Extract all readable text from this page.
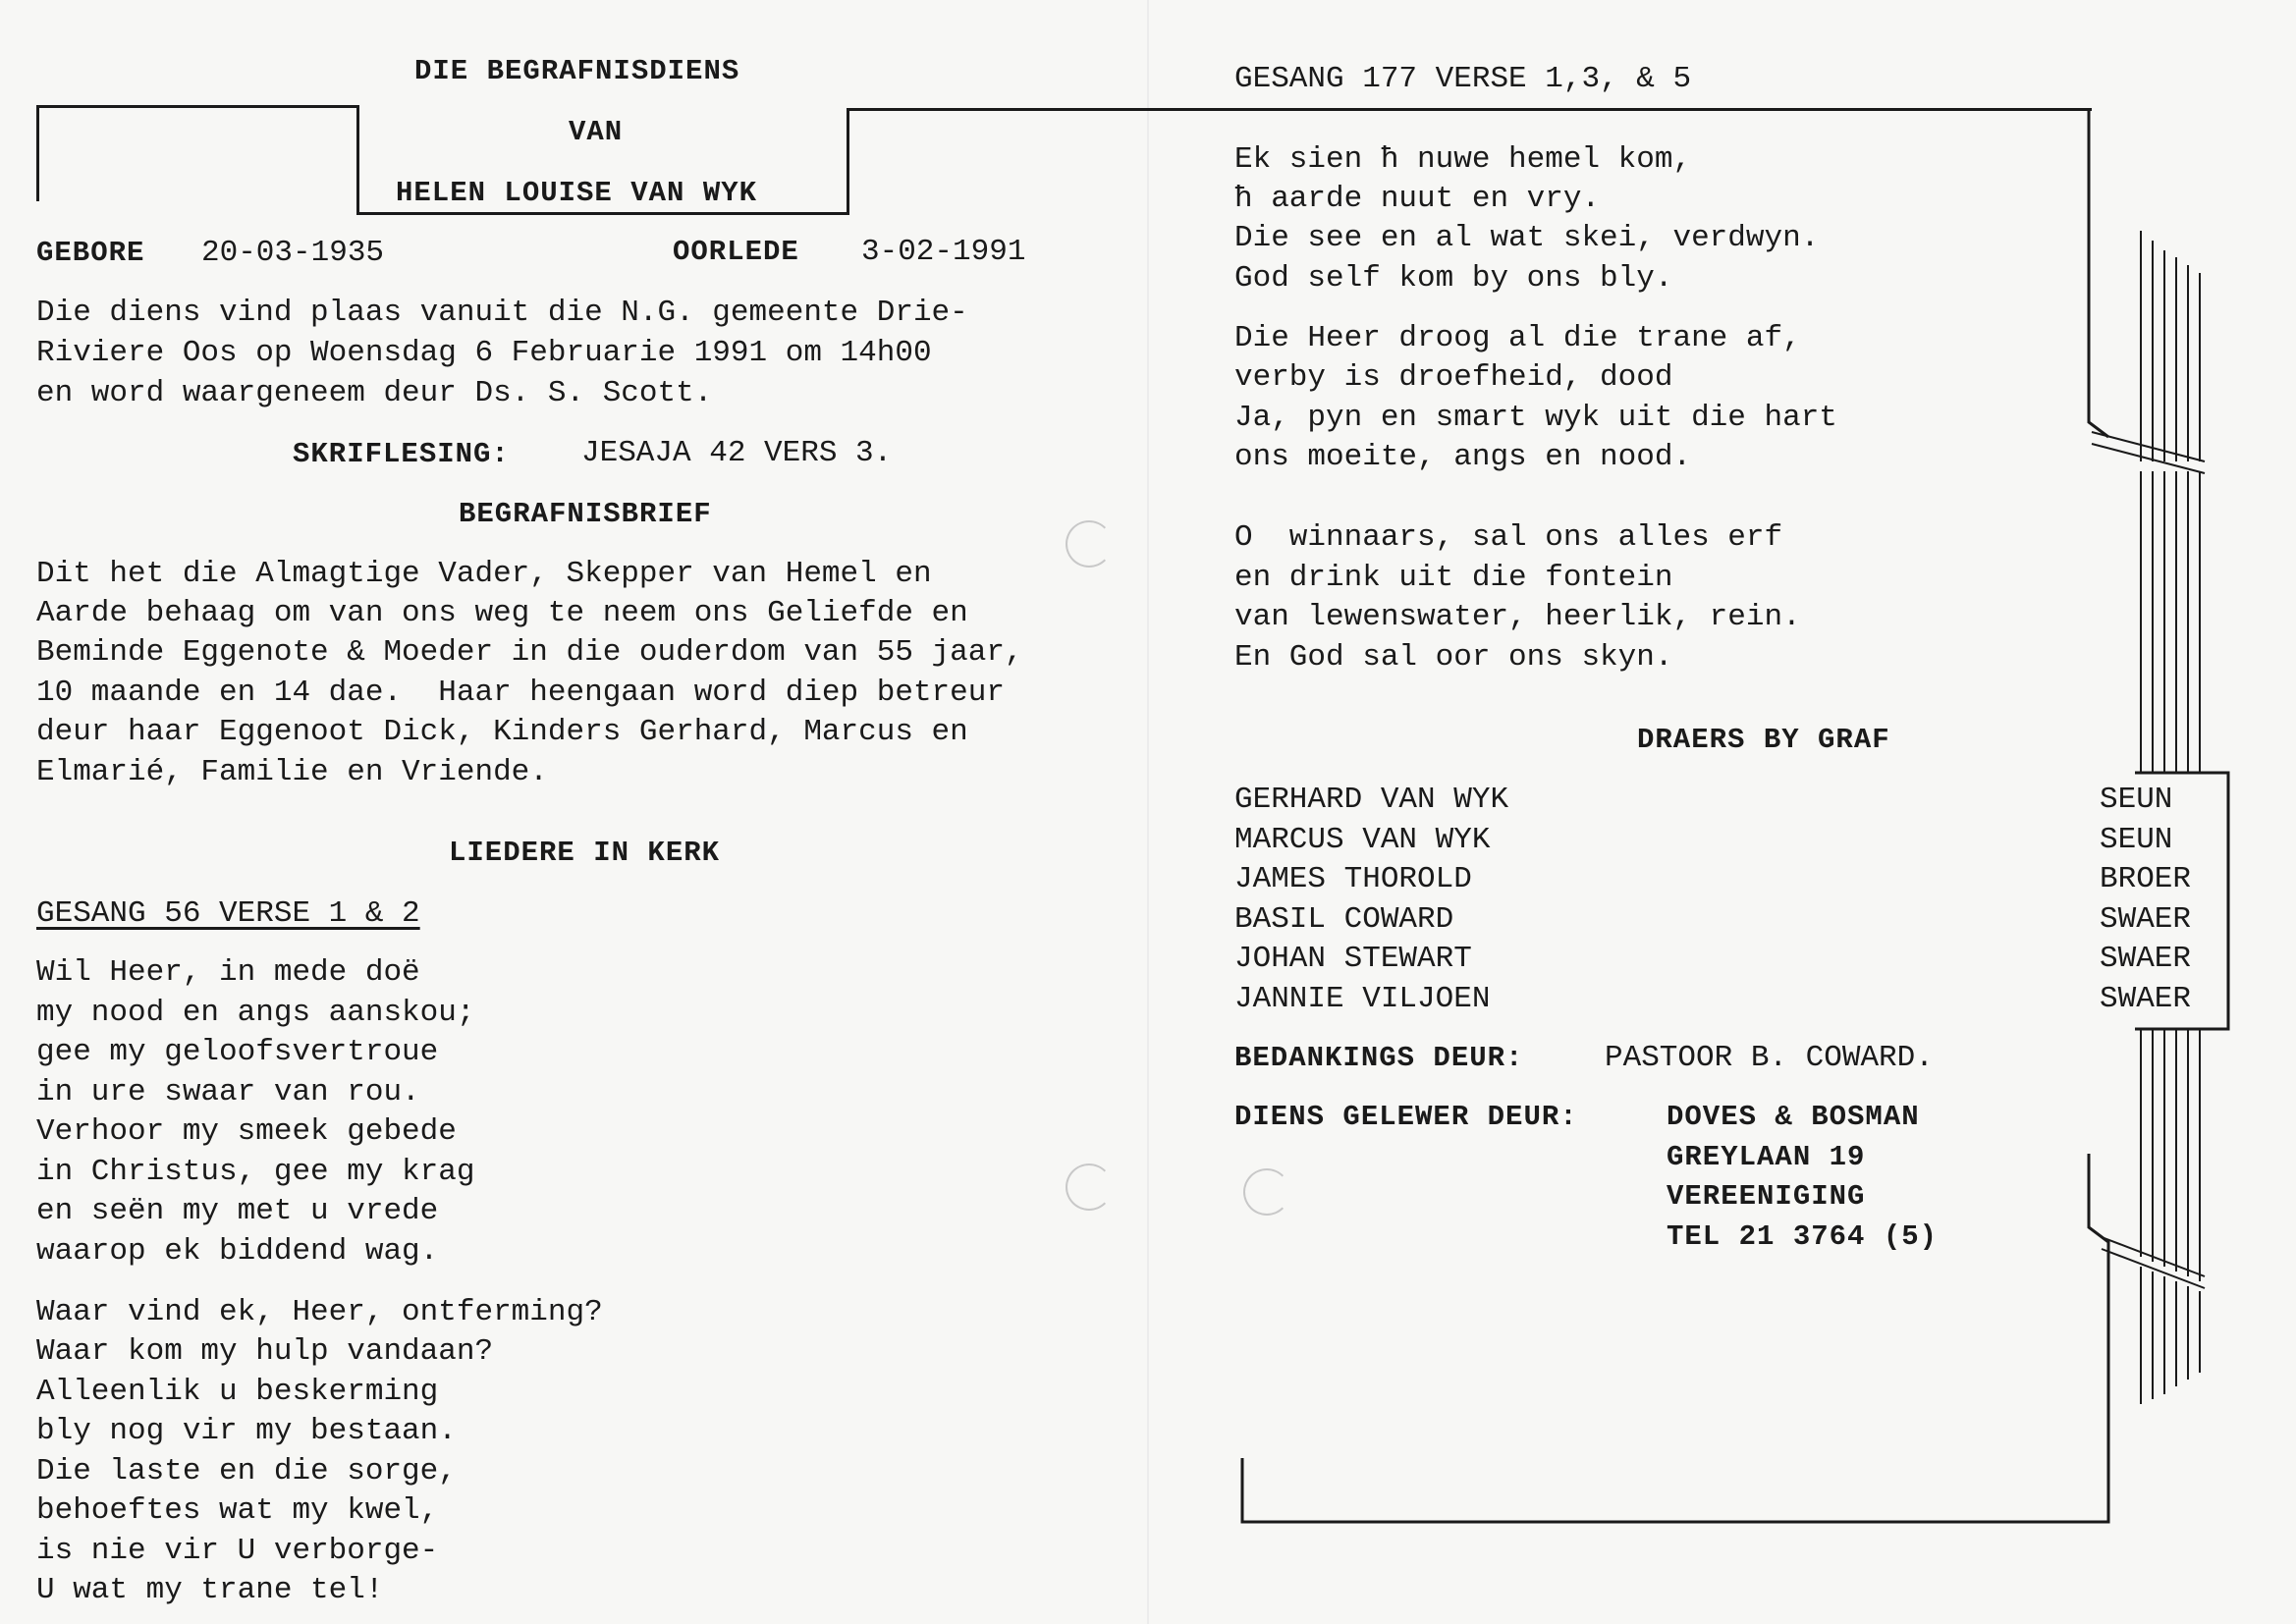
DIE BEGRAFNISDIENS
VAN
HELEN LOUISE VAN WYK
GEBORE 20-03-1935	OORLEDE 3-02-1991
Die diens vind plaas vanuit die N.G. gemeente Drie-
Riviere Oos op Woensdag 6 Februarie 1991 om 14h00
en word waargeneem deur Ds. S. Scott.
SKRIFLESING: JESAJA 42 VERS 3.
BEGRAFNISBRIEF
Dit het die Almagtige Vader, Skepper van Hemel en
Aarde behaag om van ons weg te neem ons Geliefde en
Beminde Eggenote & Moeder in die ouderdom van 55 jaar,
10 maande en 14 dae.  Haar heengaan word diep betreur
deur haar Eggenoot Dick, Kinders Gerhard, Marcus en
Elmarié, Familie en Vriende.
LIEDERE IN KERK
GESANG 56 VERSE 1 & 2
Wil Heer, in mede doë
my nood en angs aanskou;
gee my geloofsvertroue
in ure swaar van rou.
Verhoor my smeek gebede
in Christus, gee my krag
en seën my met u vrede
waarop ek biddend wag.
Waar vind ek, Heer, ontferming?
Waar kom my hulp vandaan?
Alleenlik u beskerming
bly nog vir my bestaan.
Die laste en die sorge,
behoeftes wat my kwel,
is nie vir U verborge-
U wat my trane tel!
GESANG 177 VERSE 1,3, & 5
Ek sien ħ nuwe hemel kom,
ħ aarde nuut en vry.
Die see en al wat skei, verdwyn.
God self kom by ons bly.
Die Heer droog al die trane af,
verby is droefheid, dood
Ja, pyn en smart wyk uit die hart
ons moeite, angs en nood.
O  winnaars, sal ons alles erf
en drink uit die fontein
van lewenswater, heerlik, rein.
En God sal oor ons skyn.
DRAERS BY GRAF
GERHARD VAN WYK	SEUN
MARCUS VAN WYK	SEUN
JAMES THOROLD	BROER
BASIL COWARD	SWAER
JOHAN STEWART	SWAER
JANNIE VILJOEN	SWAER
BEDANKINGS DEUR:	PASTOOR B. COWARD.
DIENS GELEWER DEUR:	DOVES & BOSMAN
GREYLAAN 19
VEREENIGING
TEL 21 3764 (5)
